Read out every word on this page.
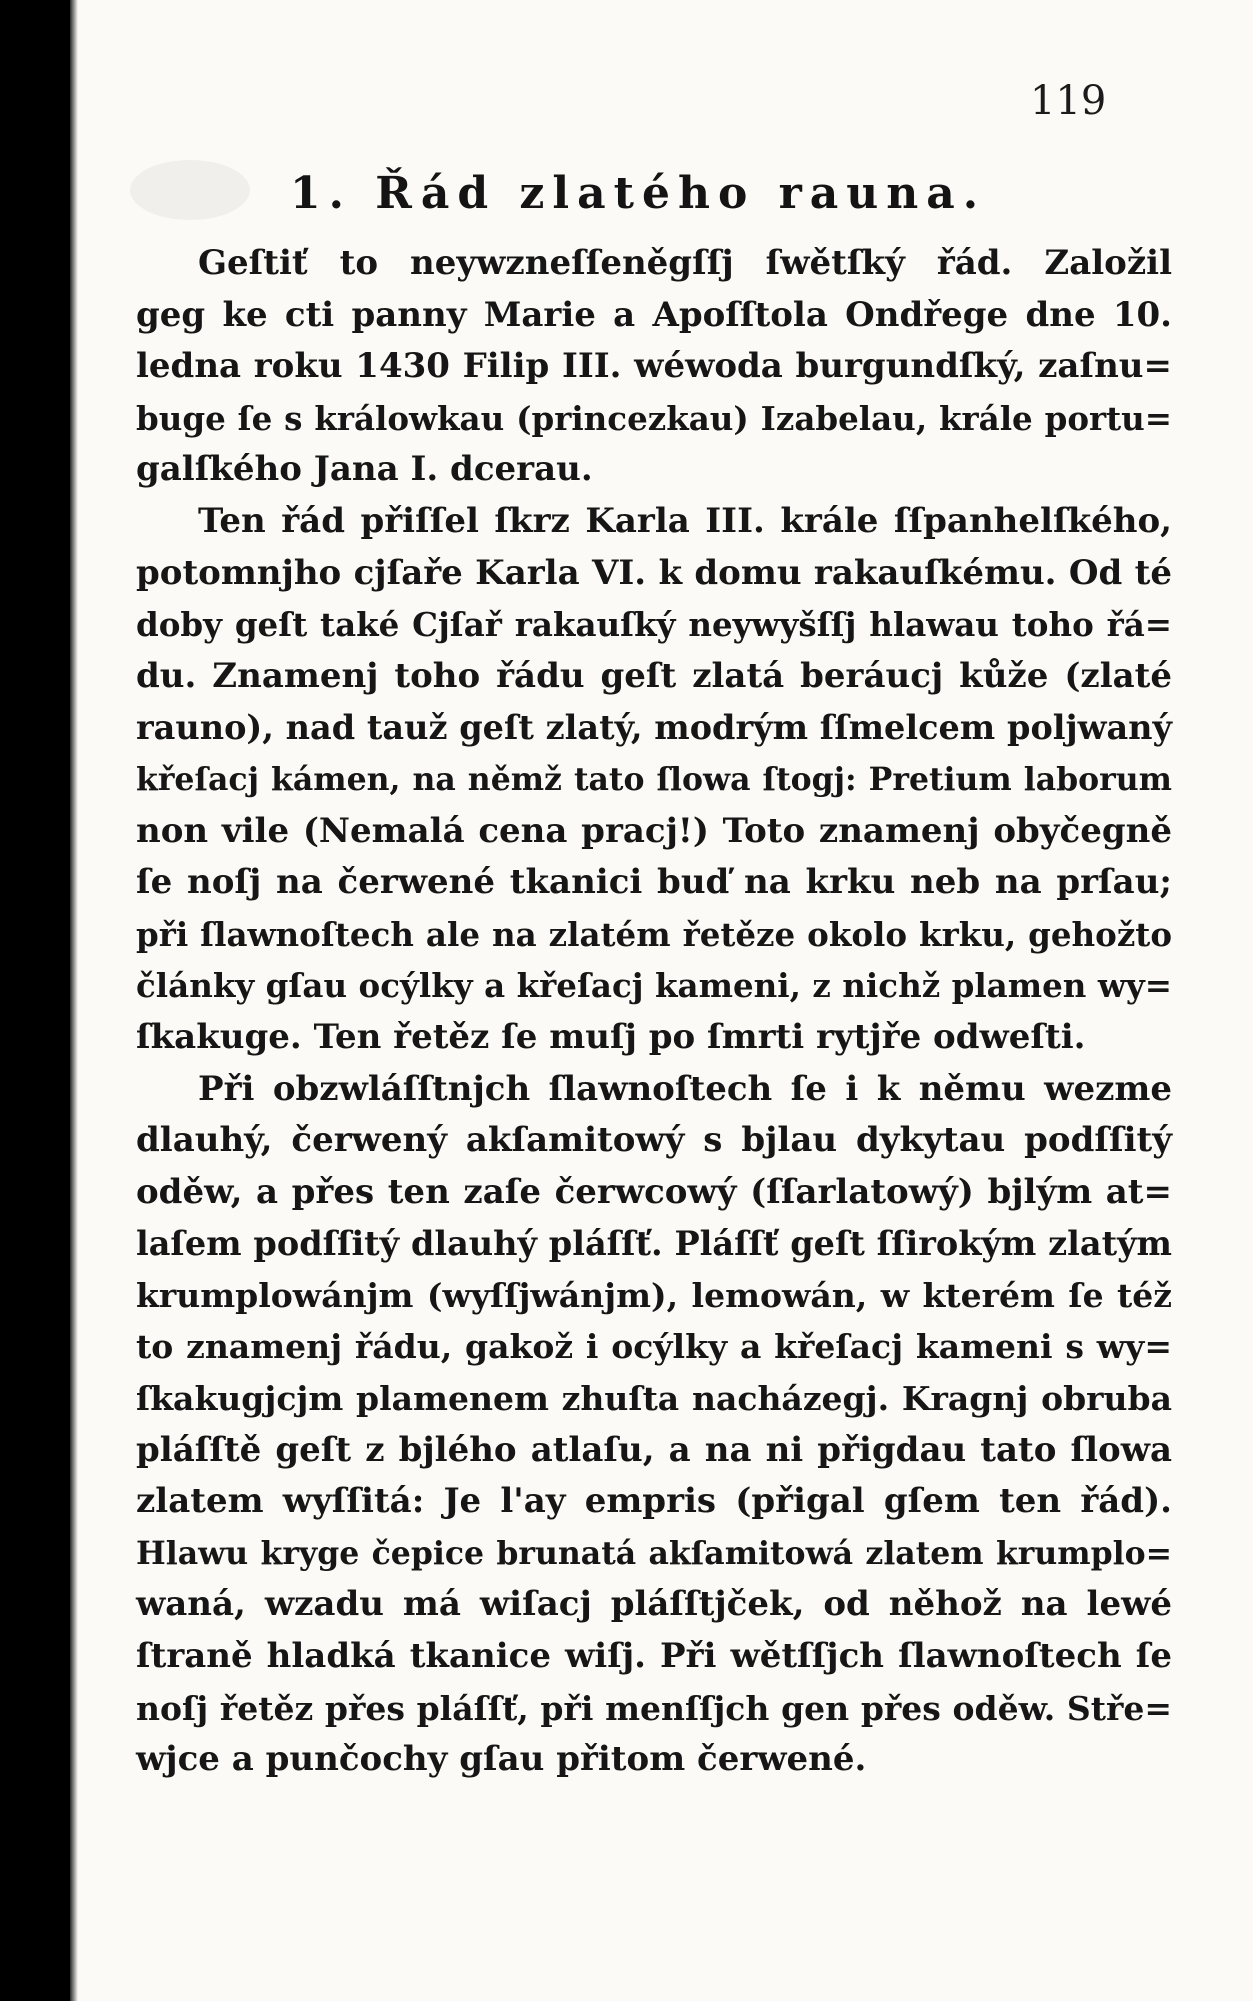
119
1. Řád zlatého rauna.
Geſtiť to neywzneſſeněgſſj ſwětſký řád. Založil
geg ke cti panny Marie a Apoſſtola Ondřege dne 10.
ledna roku 1430 Filip III. wéwoda burgundſký, zaſnu=
buge ſe s králowkau (princezkau) Izabelau, krále portu=
galſkého Jana I. dcerau.
Ten řád přiſſel ſkrz Karla III. krále ſſpanhelſkého,
potomnjho cjſaře Karla VI. k domu rakauſkému. Od té
doby geſt také Cjſař rakauſký neywyšſſj hlawau toho řá=
du. Znamenj toho řádu geſt zlatá beráucj kůže (zlaté
rauno), nad tauž geſt zlatý, modrým ſſmelcem poljwaný
křeſacj kámen, na němž tato ſlowa ſtogj: Pretium laborum
non vile (Nemalá cena pracj!) Toto znamenj obyčegně
ſe noſj na čerwené tkanici buď na krku neb na prſau;
při ſlawnoſtech ale na zlatém řetěze okolo krku, gehožto
články gſau ocýlky a křeſacj kameni, z nichž plamen wy=
ſkakuge. Ten řetěz ſe muſj po ſmrti rytjře odweſti.
Při obzwláſſtnjch ſlawnoſtech ſe i k němu wezme
dlauhý, čerwený akſamitowý s bjlau dykytau podſſitý
oděw, a přes ten zaſe čerwcowý (ſſarlatowý) bjlým at=
laſem podſſitý dlauhý pláſſť. Pláſſť geſt ſſirokým zlatým
krumplowánjm (wyſſjwánjm), lemowán, w kterém ſe též
to znamenj řádu, gakož i ocýlky a křeſacj kameni s wy=
ſkakugjcjm plamenem zhuſta nacházegj. Kragnj obruba
pláſſtě geſt z bjlého atlaſu, a na ni přigdau tato ſlowa
zlatem wyſſitá: Je l'ay empris (přigal gſem ten řád).
Hlawu kryge čepice brunatá akſamitowá zlatem krumplo=
waná, wzadu má wiſacj pláſſtjček, od něhož na lewé
ſtraně hladká tkanice wiſj. Při wětſſjch ſlawnoſtech ſe
noſj řetěz přes pláſſť, při menſſjch gen přes oděw. Stře=
wjce a punčochy gſau přitom čerwené.
